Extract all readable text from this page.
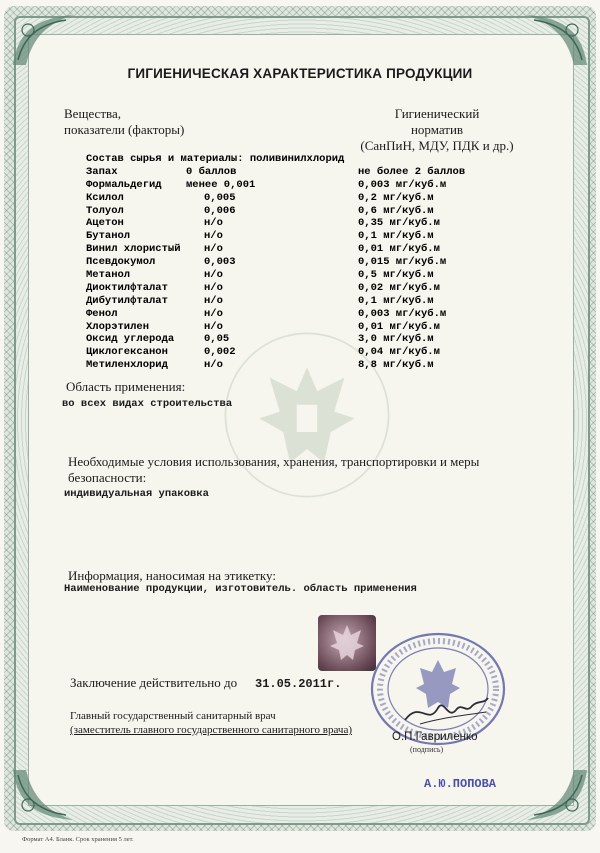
ГИГИЕНИЧЕСКАЯ ХАРАКТЕРИСТИКА ПРОДУКЦИИ
Вещества,
показатели (факторы)
Гигиенический
норматив
(СанПиН, МДУ, ПДК и др.)
Состав сырья и материалы: поливинилхлорид
Запах	0 баллов	не более 2 баллов
Формальдегид менее 0,001	0,003 мг/куб.м
Ксилол	0,005	0,2 мг/куб.м
Толуол	0,006	0,6 мг/куб.м
Ацетон	н/о	0,35 мг/куб.м
Бутанол	н/о	0,1 мг/куб.м
Винил хлористый н/о	0,01 мг/куб.м
Псевдокумол	0,003	0,015 мг/куб.м
Метанол	н/о	0,5 мг/куб.м
Диоктилфталат	н/о	0,02 мг/куб.м
Дибутилфталат	н/о	0,1 мг/куб.м
Фенол	н/о	0,003 мг/куб.м
Хлорэтилен	н/о	0,01 мг/куб.м
Оксид углерода	0,05	3,0 мг/куб.м
Циклогексанон	0,002	0,04 мг/куб.м
Метиленхлорид	н/о	8,8 мг/куб.м
Область применения:
во всех видах строительства
Необходимые условия использования, хранения, транспортировки и меры
безопасности:
индивидуальная упаковка
Информация, наносимая на этикетку:
Наименование продукции, изготовитель. область применения
Заключение действительно до 31.05.2011г.
Главный государственный санитарный врач
(заместитель главного государственного санитарного врача)
О.П.Гавриленко
(подпись)
А.Ю.ПОПОВА
Формат А4. Бланк. Срок хранения 5 лет.
